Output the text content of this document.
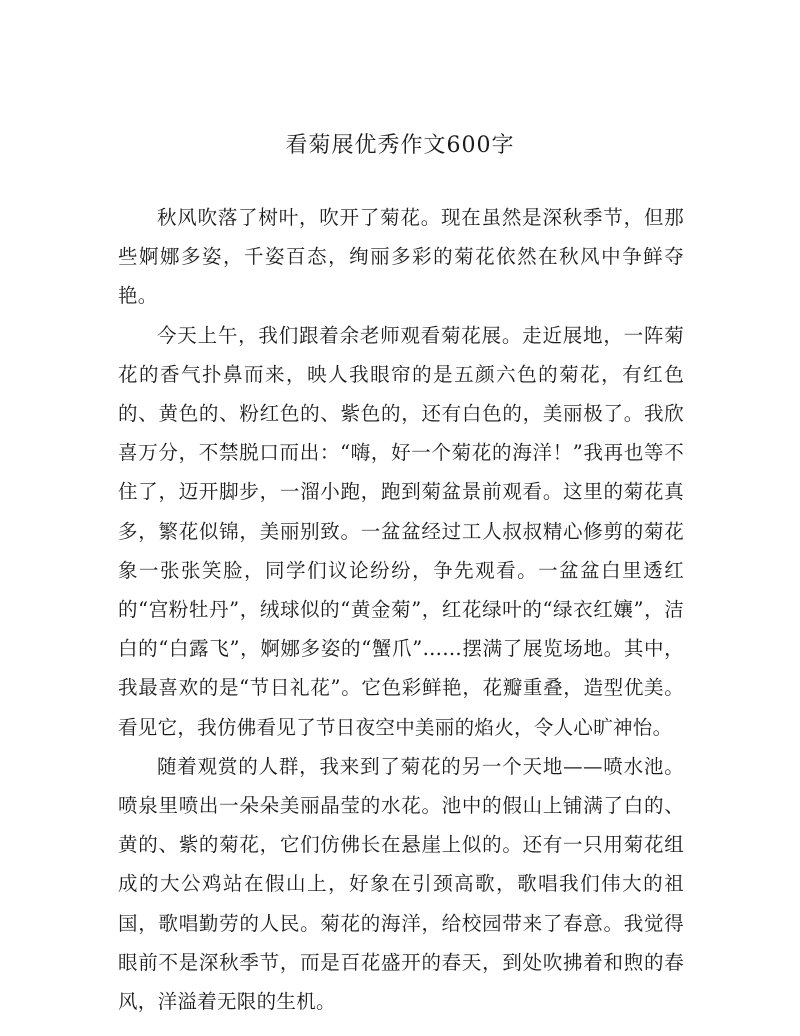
看菊展优秀作文600字

秋风吹落了树叶，吹开了菊花。现在虽然是深秋季节，但那些婀娜多姿，千姿百态，绚丽多彩的菊花依然在秋风中争鲜夺艳。

今天上午，我们跟着余老师观看菊花展。走近展地，一阵菊花的香气扑鼻而来，映人我眼帘的是五颜六色的菊花，有红色的、黄色的、粉红色的、紫色的，还有白色的，美丽极了。我欣喜万分，不禁脱口而出：“嗨，好一个菊花的海洋！”我再也等不住了，迈开脚步，一溜小跑，跑到菊盆景前观看。这里的菊花真多，繁花似锦，美丽别致。一盆盆经过工人叔叔精心修剪的菊花象一张张笑脸，同学们议论纷纷，争先观看。一盆盆白里透红的“宫粉牡丹”，绒球似的“黄金菊”，红花绿叶的“绿衣红孃”，洁白的“白露飞”，婀娜多姿的“蟹爪”……摆满了展览场地。其中，我最喜欢的是“节日礼花”。它色彩鲜艳，花瓣重叠，造型优美。看见它，我仿佛看见了节日夜空中美丽的焰火，令人心旷神怡。

随着观赏的人群，我来到了菊花的另一个天地——喷水池。喷泉里喷出一朵朵美丽晶莹的水花。池中的假山上铺满了白的、黄的、紫的菊花，它们仿佛长在悬崖上似的。还有一只用菊花组成的大公鸡站在假山上，好象在引颈高歌，歌唱我们伟大的祖国，歌唱勤劳的人民。菊花的海洋，给校园带来了春意。我觉得眼前不是深秋季节，而是百花盛开的春天，到处吹拂着和煦的春风，洋溢着无限的生机。
